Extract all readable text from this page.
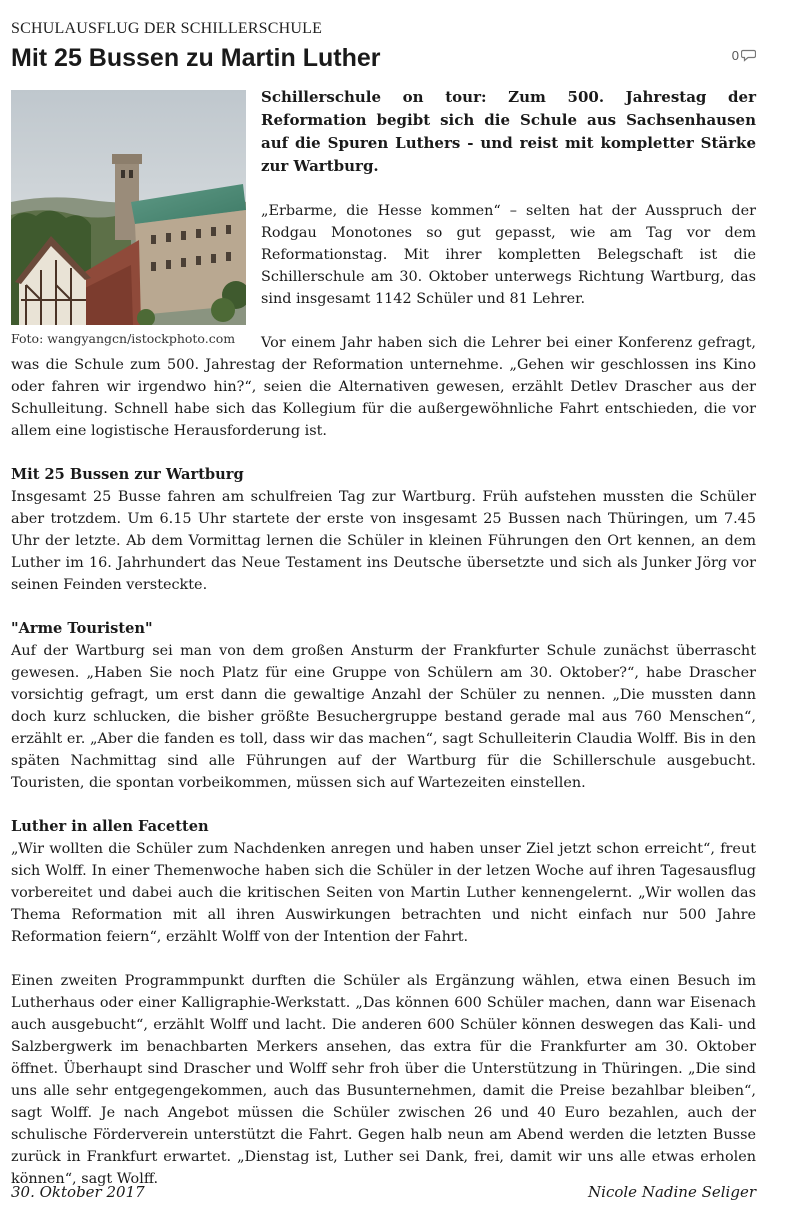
SCHULAUSFLUG DER SCHILLERSCHULE
Mit 25 Bussen zu Martin Luther	0
Foto: wangyangcn/istockphoto.com

Schillerschule on tour: Zum 500. Jahrestag der Reformation begibt sich die Schule aus Sachsenhausen auf die Spuren Luthers - und reist mit kompletter Stärke zur Wartburg.

„Erbarme, die Hesse kommen“ – selten hat der Ausspruch der Rodgau Monotones so gut gepasst, wie am Tag vor dem Reformationstag. Mit ihrer kompletten Belegschaft ist die Schillerschule am 30. Oktober unterwegs Richtung Wartburg, das sind insgesamt 1142 Schüler und 81 Lehrer.

Vor einem Jahr haben sich die Lehrer bei einer Konferenz gefragt, was die Schule zum 500. Jahrestag der Reformation unternehme. „Gehen wir geschlossen ins Kino oder fahren wir irgendwo hin?“, seien die Alternativen gewesen, erzählt Detlev Drascher aus der Schulleitung. Schnell habe sich das Kollegium für die außergewöhnliche Fahrt entschieden, die vor allem eine logistische Herausforderung ist.

Mit 25 Bussen zur Wartburg

Insgesamt 25 Busse fahren am schulfreien Tag zur Wartburg. Früh aufstehen mussten die Schüler aber trotzdem. Um 6.15 Uhr startete der erste von insgesamt 25 Bussen nach Thüringen, um 7.45 Uhr der letzte. Ab dem Vormittag lernen die Schüler in kleinen Führungen den Ort kennen, an dem Luther im 16. Jahrhundert das Neue Testament ins Deutsche übersetzte und sich als Junker Jörg vor seinen Feinden versteckte.

"Arme Touristen"

Auf der Wartburg sei man von dem großen Ansturm der Frankfurter Schule zunächst überrascht gewesen. „Haben Sie noch Platz für eine Gruppe von Schülern am 30. Oktober?“, habe Drascher vorsichtig gefragt, um erst dann die gewaltige Anzahl der Schüler zu nennen. „Die mussten dann doch kurz schlucken, die bisher größte Besuchergruppe bestand gerade mal aus 760 Menschen“, erzählt er. „Aber die fanden es toll, dass wir das machen“, sagt Schulleiterin Claudia Wolff. Bis in den späten Nachmittag sind alle Führungen auf der Wartburg für die Schillerschule ausgebucht. Touristen, die spontan vorbeikommen, müssen sich auf Wartezeiten einstellen.

Luther in allen Facetten

„Wir wollten die Schüler zum Nachdenken anregen und haben unser Ziel jetzt schon erreicht“, freut sich Wolff. In einer Themenwoche haben sich die Schüler in der letzen Woche auf ihren Tagesausflug vorbereitet und dabei auch die kritischen Seiten von Martin Luther kennengelernt. „Wir wollen das Thema Reformation mit all ihren Auswirkungen betrachten und nicht einfach nur 500 Jahre Reformation feiern“, erzählt Wolff von der Intention der Fahrt.

Einen zweiten Programmpunkt durften die Schüler als Ergänzung wählen, etwa einen Besuch im Lutherhaus oder einer Kalligraphie-Werkstatt. „Das können 600 Schüler machen, dann war Eisenach auch ausgebucht“, erzählt Wolff und lacht. Die anderen 600 Schüler können deswegen das Kali- und Salzbergwerk im benachbarten Merkers ansehen, das extra für die Frankfurter am 30. Oktober öffnet. Überhaupt sind Drascher und Wolff sehr froh über die Unterstützung in Thüringen. „Die sind uns alle sehr entgegengekommen, auch das Busunternehmen, damit die Preise bezahlbar bleiben“, sagt Wolff. Je nach Angebot müssen die Schüler zwischen 26 und 40 Euro bezahlen, auch der schulische Förderverein unterstützt die Fahrt. Gegen halb neun am Abend werden die letzten Busse zurück in Frankfurt erwartet. „Dienstag ist, Luther sei Dank, frei, damit wir uns alle etwas erholen können“, sagt Wolff.

30. Oktober 2017	Nicole Nadine Seliger
